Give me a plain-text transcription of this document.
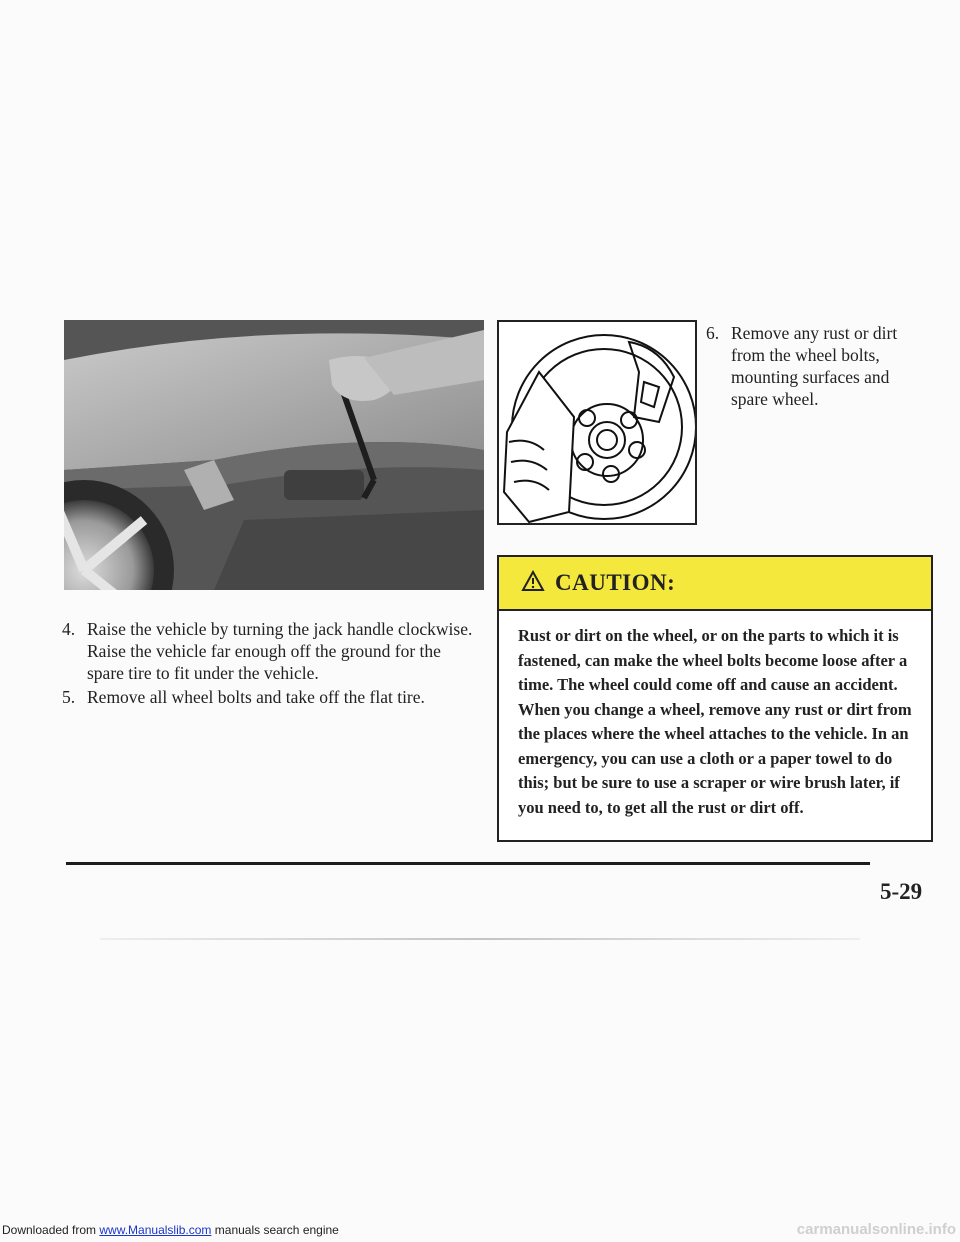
6. Remove any rust or dirt from the wheel bolts, mounting surfaces and spare wheel.
4. Raise the vehicle by turning the jack handle clockwise. Raise the vehicle far enough off the ground for the spare tire to fit under the vehicle.
5. Remove all wheel bolts and take off the flat tire.
CAUTION:
Rust or dirt on the wheel, or on the parts to which it is fastened, can make the wheel bolts become loose after a time. The wheel could come off and cause an accident. When you change a wheel, remove any rust or dirt from the places where the wheel attaches to the vehicle. In an emergency, you can use a cloth or a paper towel to do this; but be sure to use a scraper or wire brush later, if you need to, to get all the rust or dirt off.
5-29
Downloaded from www.Manualslib.com manuals search engine	carmanualsonline.info
